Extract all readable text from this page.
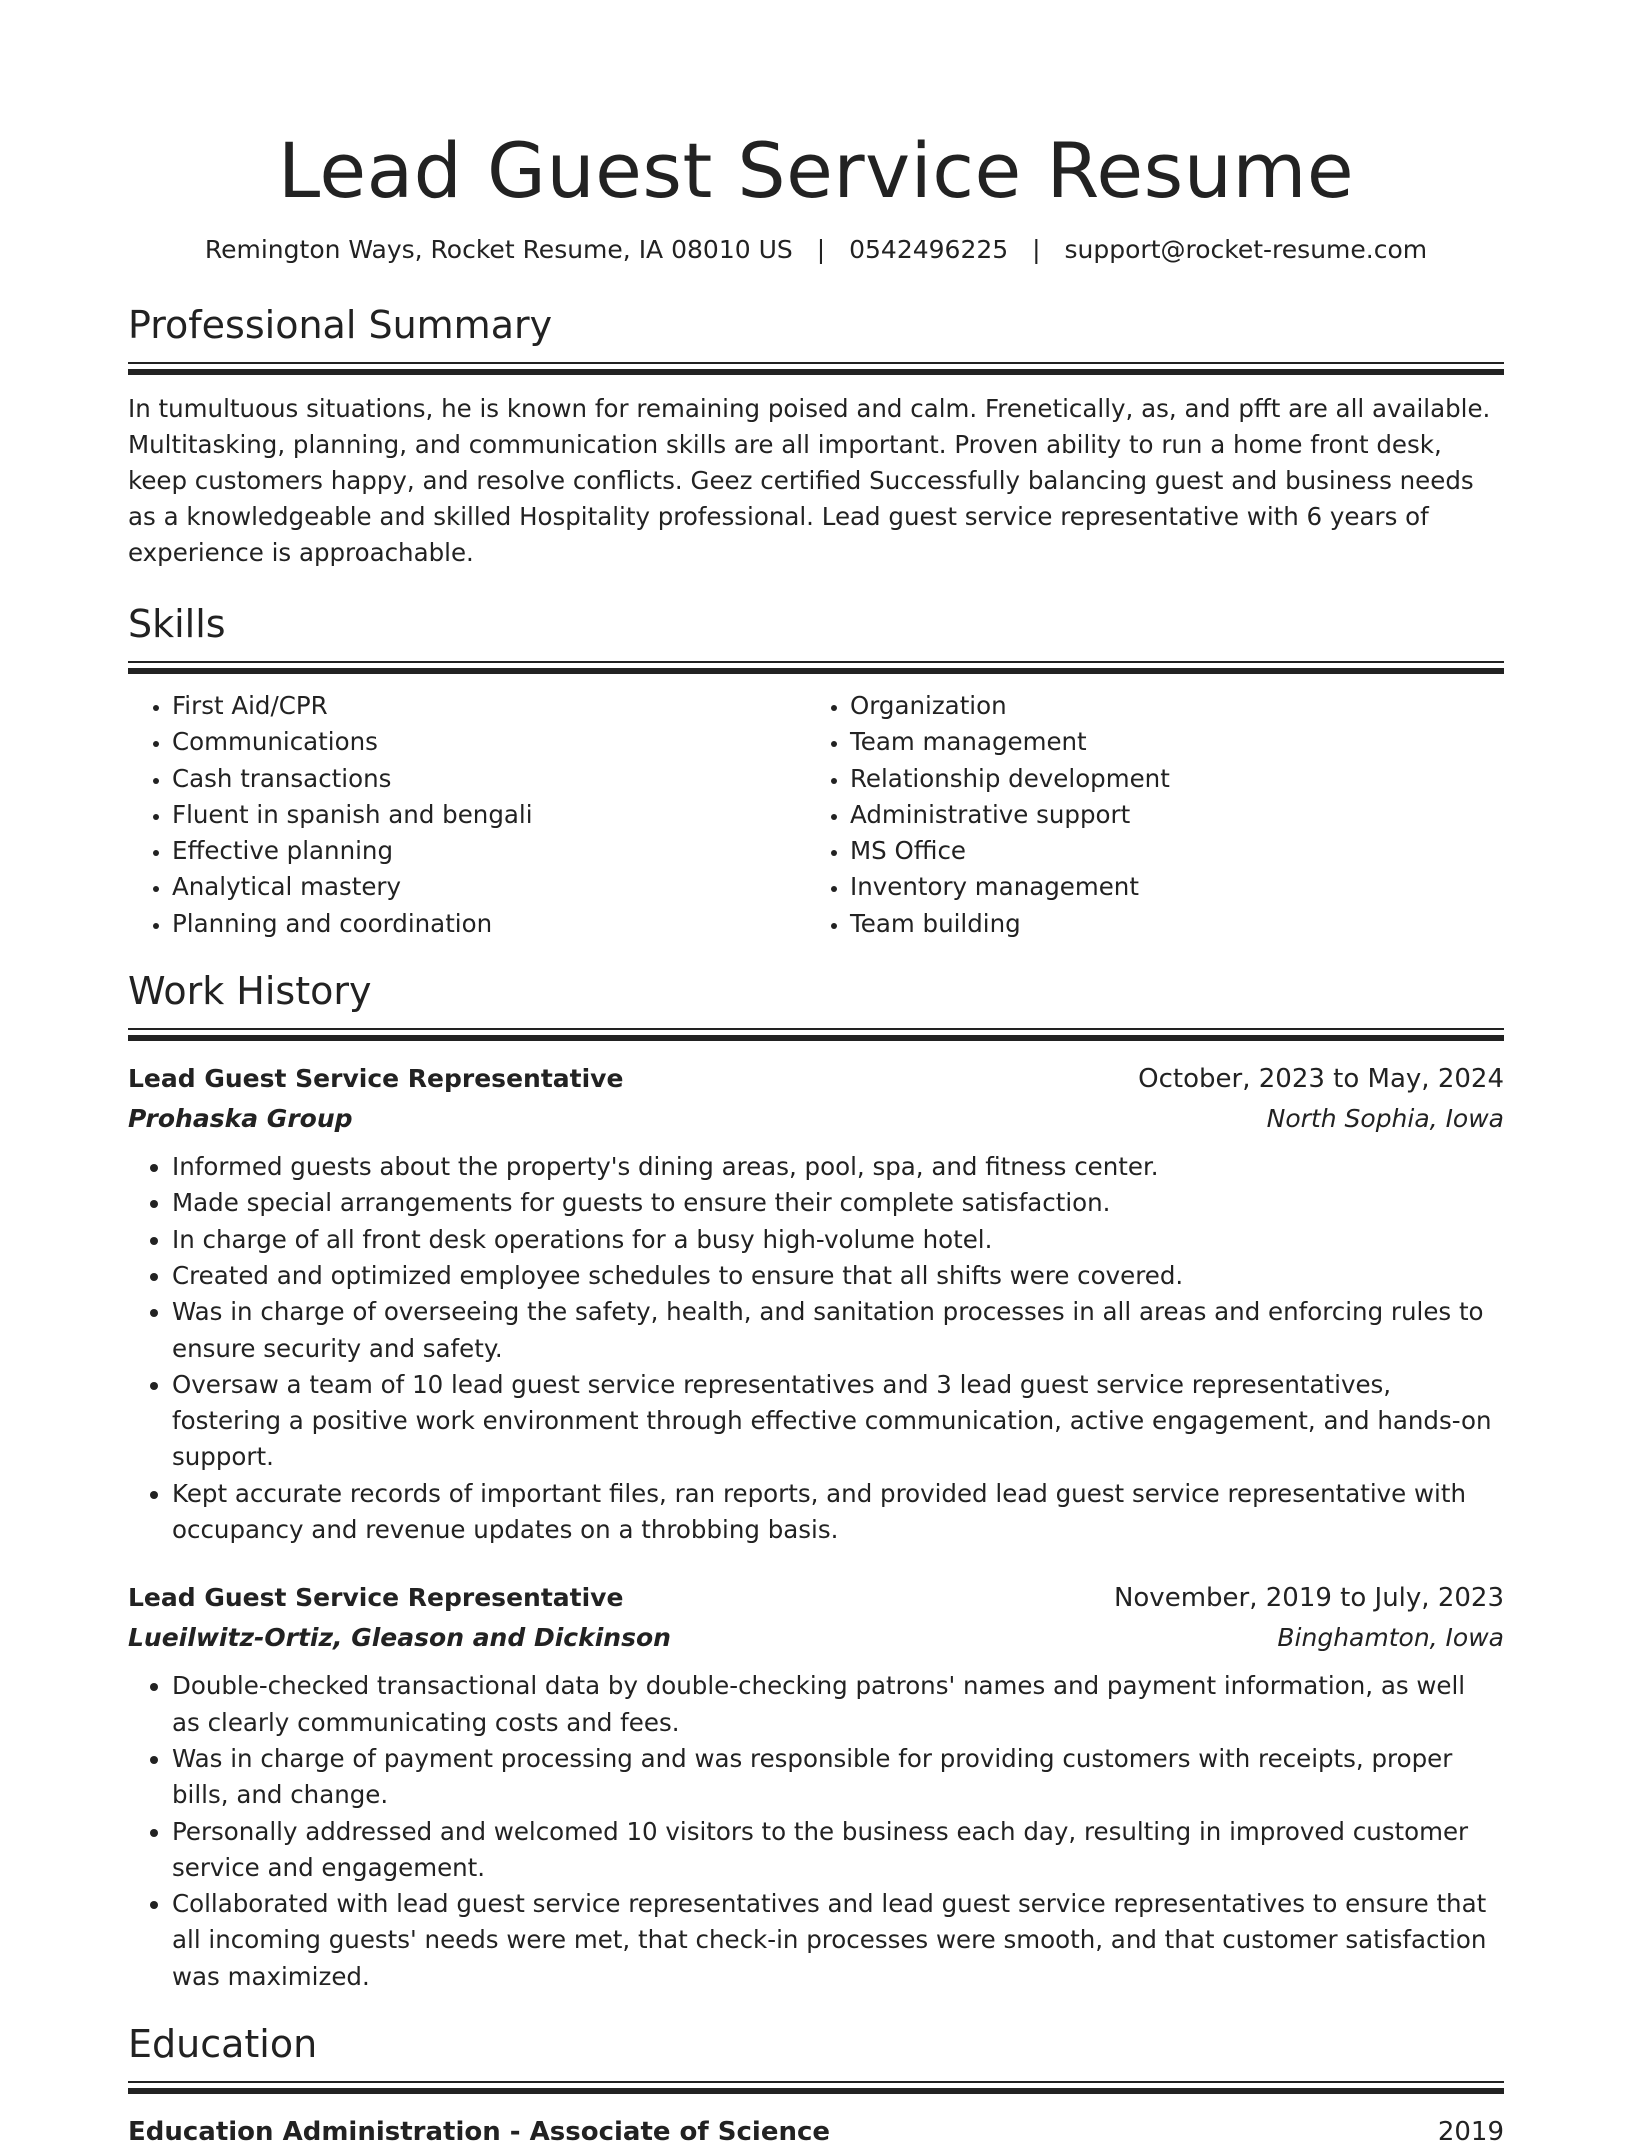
Lead Guest Service Resume
Remington Ways, Rocket Resume, IA 08010 US | 0542496225 | support@rocket-resume.com
Professional Summary

In tumultuous situations, he is known for remaining poised and calm. Frenetically, as, and pfft are all available. Multitasking, planning, and communication skills are all important. Proven ability to run a home front desk, keep customers happy, and resolve conflicts. Geez certified Successfully balancing guest and business needs as a knowledgeable and skilled Hospitality professional. Lead guest service representative with 6 years of experience is approachable.

Skills
• First Aid/CPR
• Communications
• Cash transactions
• Fluent in spanish and bengali
• Effective planning
• Analytical mastery
• Planning and coordination
• Organization
• Team management
• Relationship development
• Administrative support
• MS Office
• Inventory management
• Team building
Work History
Lead Guest Service Representative	October, 2023 to May, 2024
Prohaska Group	North Sophia, Iowa
• Informed guests about the property's dining areas, pool, spa, and fitness center.
• Made special arrangements for guests to ensure their complete satisfaction.
• In charge of all front desk operations for a busy high-volume hotel.
• Created and optimized employee schedules to ensure that all shifts were covered.
• Was in charge of overseeing the safety, health, and sanitation processes in all areas and enforcing rules to ensure security and safety.
• Oversaw a team of 10 lead guest service representatives and 3 lead guest service representatives, fostering a positive work environment through effective communication, active engagement, and hands-on support.
• Kept accurate records of important files, ran reports, and provided lead guest service representative with occupancy and revenue updates on a throbbing basis.
Lead Guest Service Representative	November, 2019 to July, 2023
Lueilwitz-Ortiz, Gleason and Dickinson	Binghamton, Iowa
• Double-checked transactional data by double-checking patrons' names and payment information, as well as clearly communicating costs and fees.
• Was in charge of payment processing and was responsible for providing customers with receipts, proper bills, and change.
• Personally addressed and welcomed 10 visitors to the business each day, resulting in improved customer service and engagement.
• Collaborated with lead guest service representatives and lead guest service representatives to ensure that all incoming guests' needs were met, that check-in processes were smooth, and that customer satisfaction was maximized.
Education
Education Administration - Associate of Science	2019
